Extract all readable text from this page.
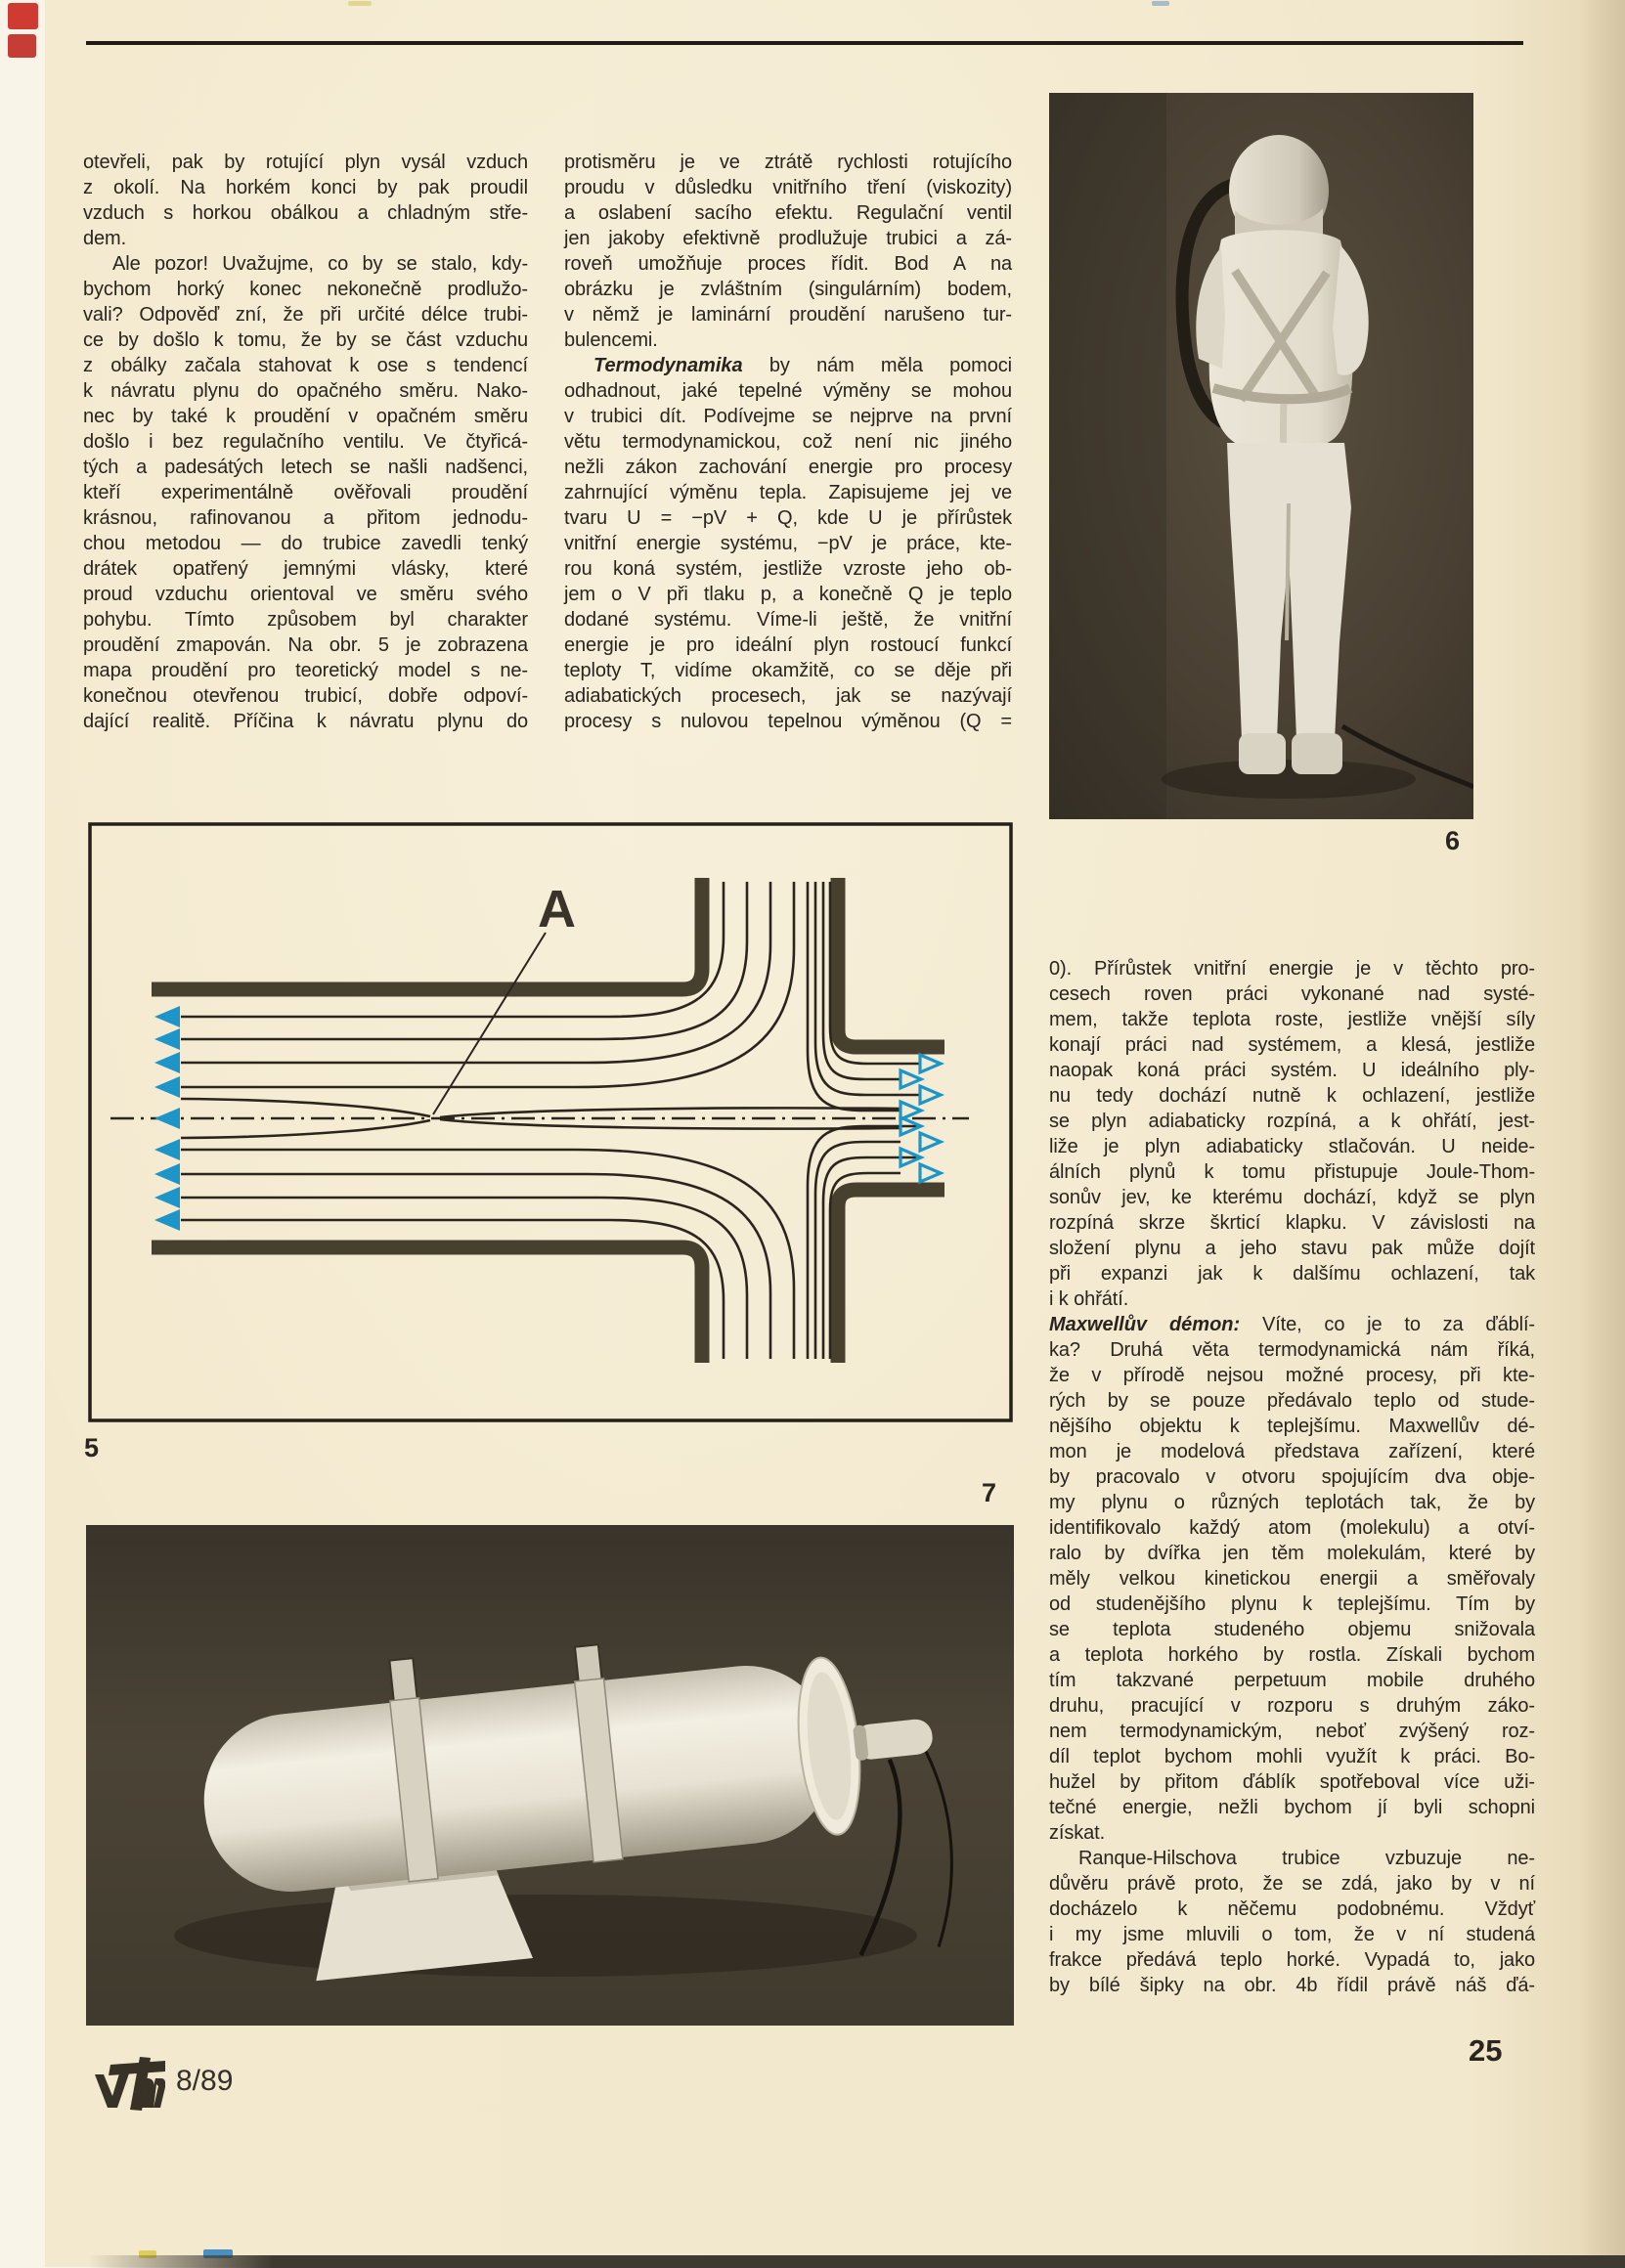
otevřeli, pak by rotující plyn vysál vzduch
z okolí. Na horkém konci by pak proudil
vzduch s horkou obálkou a chladným stře-
dem.
Ale pozor! Uvažujme, co by se stalo, kdy-
bychom horký konec nekonečně prodlužo-
vali? Odpověď zní, že při určité délce trubi-
ce by došlo k tomu, že by se část vzduchu
z obálky začala stahovat k ose s tendencí
k návratu plynu do opačného směru. Nako-
nec by také k proudění v opačném směru
došlo i bez regulačního ventilu. Ve čtyřicá-
tých a padesátých letech se našli nadšenci,
kteří experimentálně ověřovali proudění
krásnou, rafinovanou a přitom jednodu-
chou metodou — do trubice zavedli tenký
drátek opatřený jemnými vlásky, které
proud vzduchu orientoval ve směru svého
pohybu. Tímto způsobem byl charakter
proudění zmapován. Na obr. 5 je zobrazena
mapa proudění pro teoretický model s ne-
konečnou otevřenou trubicí, dobře odpoví-
dající realitě. Příčina k návratu plynu do
protisměru je ve ztrátě rychlosti rotujícího
proudu v důsledku vnitřního tření (viskozity)
a oslabení sacího efektu. Regulační ventil
jen jakoby efektivně prodlužuje trubici a zá-
roveň umožňuje proces řídit. Bod A na
obrázku je zvláštním (singulárním) bodem,
v němž je laminární proudění narušeno tur-
bulencemi.
Termodynamika by nám měla pomoci
odhadnout, jaké tepelné výměny se mohou
v trubici dít. Podívejme se nejprve na první
větu termodynamickou, což není nic jiného
nežli zákon zachování energie pro procesy
zahrnující výměnu tepla. Zapisujeme jej ve
tvaru U = −pV + Q, kde U je přírůstek
vnitřní energie systému, −pV je práce, kte-
rou koná systém, jestliže vzroste jeho ob-
jem o V při tlaku p, a konečně Q je teplo
dodané systému. Víme-li ještě, že vnitřní
energie je pro ideální plyn rostoucí funkcí
teploty T, vidíme okamžitě, co se děje při
adiabatických procesech, jak se nazývají
procesy s nulovou tepelnou výměnou (Q =
0). Přírůstek vnitřní energie je v těchto pro-
cesech roven práci vykonané nad systé-
mem, takže teplota roste, jestliže vnější síly
konají práci nad systémem, a klesá, jestliže
naopak koná práci systém. U ideálního ply-
nu tedy dochází nutně k ochlazení, jestliže
se plyn adiabaticky rozpíná, a k ohřátí, jest-
liže je plyn adiabaticky stlačován. U neide-
álních plynů k tomu přistupuje Joule-Thom-
sonův jev, ke kterému dochází, když se plyn
rozpíná skrze škrticí klapku. V závislosti na
složení plynu a jeho stavu pak může dojít
při expanzi jak k dalšímu ochlazení, tak
i k ohřátí.
Maxwellův démon: Víte, co je to za ďáblí-
ka? Druhá věta termodynamická nám říká,
že v přírodě nejsou možné procesy, při kte-
rých by se pouze předávalo teplo od stude-
nějšího objektu k teplejšímu. Maxwellův dé-
mon je modelová představa zařízení, které
by pracovalo v otvoru spojujícím dva obje-
my plynu o různých teplotách tak, že by
identifikovalo každý atom (molekulu) a otví-
ralo by dvířka jen těm molekulám, které by
měly velkou kinetickou energii a směřovaly
od studenějšího plynu k teplejšímu. Tím by
se teplota studeného objemu snižovala
a teplota horkého by rostla. Získali bychom
tím takzvané perpetuum mobile druhého
druhu, pracující v rozporu s druhým záko-
nem termodynamickým, neboť zvýšený roz-
díl teplot bychom mohli využít k práci. Bo-
hužel by přitom ďáblík spotřeboval více uži-
tečné energie, nežli bychom jí byli schopni
získat.
Ranque-Hilschova trubice vzbuzuje ne-
důvěru právě proto, že se zdá, jako by v ní
docházelo k něčemu podobnému. Vždyť
i my jsme mluvili o tom, že v ní studená
frakce předává teplo horké. Vypadá to, jako
by bílé šipky na obr. 4b řídil právě náš ďá-
6
A
5
7
8/89
25
